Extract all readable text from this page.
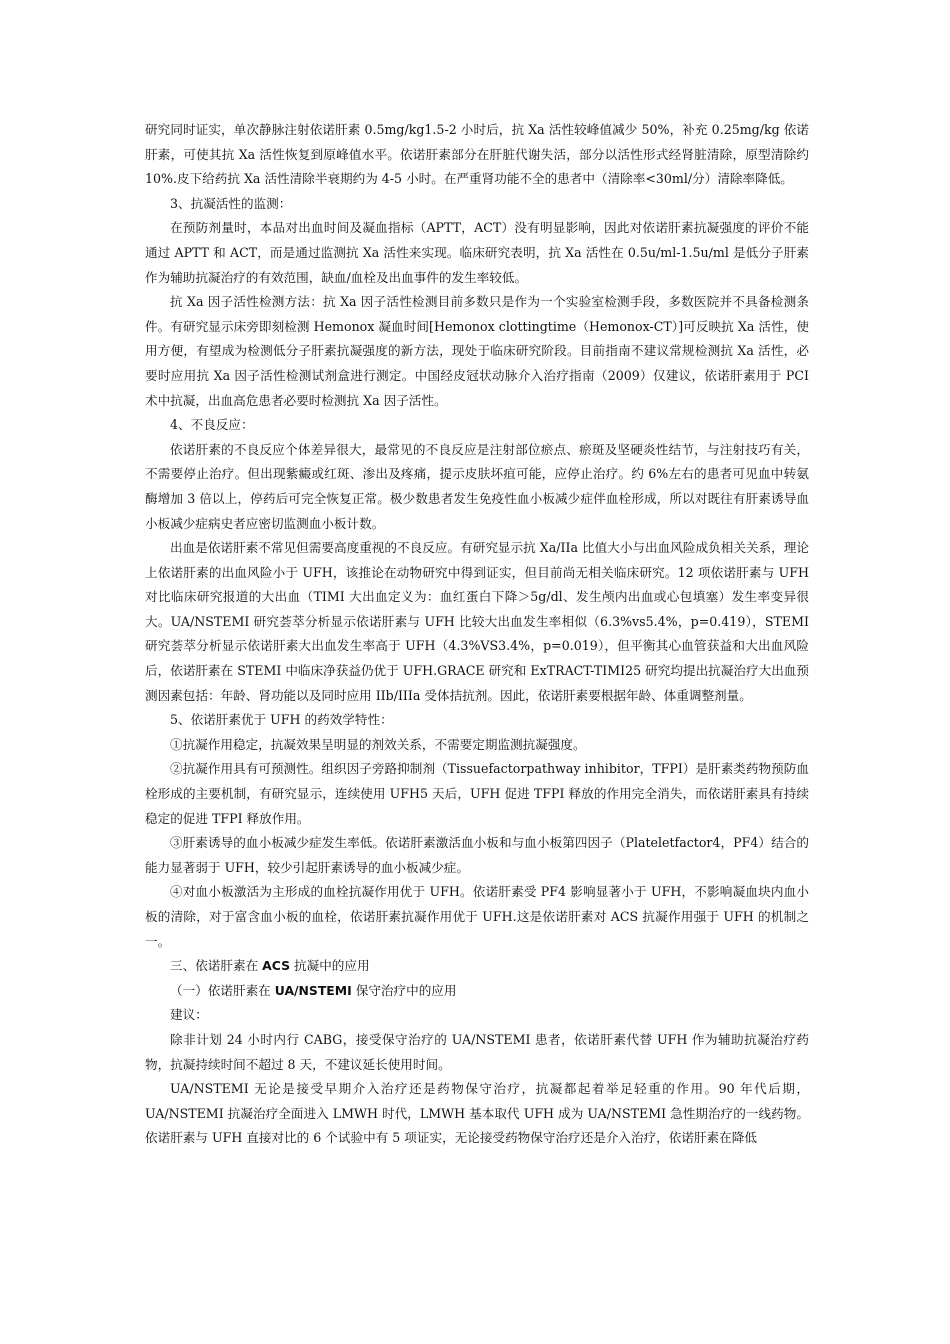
研究同时证实，单次静脉注射依诺肝素 0.5mg/kg1.5-2 小时后，抗 Xa 活性较峰值减少 50%，补充 0.25mg/kg 依诺肝素，可使其抗 Xa 活性恢复到原峰值水平。依诺肝素部分在肝脏代谢失活，部分以活性形式经肾脏清除，原型清除约 10%.皮下给药抗 Xa 活性清除半衰期约为 4-5 小时。在严重肾功能不全的患者中（清除率<30ml/分）清除率降低。

3、抗凝活性的监测：

在预防剂量时，本品对出血时间及凝血指标（APTT，ACT）没有明显影响，因此对依诺肝素抗凝强度的评价不能通过 APTT 和 ACT，而是通过监测抗 Xa 活性来实现。临床研究表明，抗 Xa 活性在 0.5u/ml-1.5u/ml 是低分子肝素作为辅助抗凝治疗的有效范围，缺血/血栓及出血事件的发生率较低。

抗 Xa 因子活性检测方法：抗 Xa 因子活性检测目前多数只是作为一个实验室检测手段，多数医院并不具备检测条件。有研究显示床旁即刻检测 Hemonox 凝血时间[Hemonox clottingtime（Hemonox-CT）]可反映抗 Xa 活性，使用方便，有望成为检测低分子肝素抗凝强度的新方法，现处于临床研究阶段。目前指南不建议常规检测抗 Xa 活性，必要时应用抗 Xa 因子活性检测试剂盒进行测定。中国经皮冠状动脉介入治疗指南（2009）仅建议，依诺肝素用于 PCI 术中抗凝，出血高危患者必要时检测抗 Xa 因子活性。

4、不良反应：

依诺肝素的不良反应个体差异很大，最常见的不良反应是注射部位瘀点、瘀斑及坚硬炎性结节，与注射技巧有关，不需要停止治疗。但出现紫癜或红斑、渗出及疼痛，提示皮肤坏疽可能，应停止治疗。约 6%左右的患者可见血中转氨酶增加 3 倍以上，停药后可完全恢复正常。极少数患者发生免疫性血小板减少症伴血栓形成，所以对既往有肝素诱导血小板减少症病史者应密切监测血小板计数。

出血是依诺肝素不常见但需要高度重视的不良反应。有研究显示抗 Xa/IIa 比值大小与出血风险成负相关关系，理论上依诺肝素的出血风险小于 UFH，该推论在动物研究中得到证实，但目前尚无相关临床研究。12 项依诺肝素与 UFH 对比临床研究报道的大出血（TIMI 大出血定义为：血红蛋白下降＞5g/dl、发生颅内出血或心包填塞）发生率变异很大。UA/NSTEMI 研究荟萃分析显示依诺肝素与 UFH 比较大出血发生率相似（6.3%vs5.4%，p=0.419），STEMI 研究荟萃分析显示依诺肝素大出血发生率高于 UFH（4.3%VS3.4%，p=0.019），但平衡其心血管获益和大出血风险后，依诺肝素在 STEMI 中临床净获益仍优于 UFH.GRACE 研究和 ExTRACT-TIMI25 研究均提出抗凝治疗大出血预测因素包括：年龄、肾功能以及同时应用 IIb/IIIa 受体拮抗剂。因此，依诺肝素要根据年龄、体重调整剂量。

5、依诺肝素优于 UFH 的药效学特性：

①抗凝作用稳定，抗凝效果呈明显的剂效关系，不需要定期监测抗凝强度。

②抗凝作用具有可预测性。组织因子旁路抑制剂（Tissuefactorpathway inhibitor，TFPI）是肝素类药物预防血栓形成的主要机制，有研究显示，连续使用 UFH5 天后，UFH 促进 TFPI 释放的作用完全消失，而依诺肝素具有持续稳定的促进 TFPI 释放作用。

③肝素诱导的血小板减少症发生率低。依诺肝素激活血小板和与血小板第四因子（Plateletfactor4，PF4）结合的能力显著弱于 UFH，较少引起肝素诱导的血小板减少症。

④对血小板激活为主形成的血栓抗凝作用优于 UFH。依诺肝素受 PF4 影响显著小于 UFH，不影响凝血块内血小板的清除，对于富含血小板的血栓，依诺肝素抗凝作用优于 UFH.这是依诺肝素对 ACS 抗凝作用强于 UFH 的机制之一。

三、依诺肝素在 ACS 抗凝中的应用

（一）依诺肝素在 UA/NSTEMI 保守治疗中的应用

建议：

除非计划 24 小时内行 CABG，接受保守治疗的 UA/NSTEMI 患者，依诺肝素代替 UFH 作为辅助抗凝治疗药物，抗凝持续时间不超过 8 天，不建议延长使用时间。

UA/NSTEMI 无论是接受早期介入治疗还是药物保守治疗，抗凝都起着举足轻重的作用。90 年代后期，UA/NSTEMI 抗凝治疗全面进入 LMWH 时代，LMWH 基本取代 UFH 成为 UA/NSTEMI 急性期治疗的一线药物。依诺肝素与 UFH 直接对比的 6 个试验中有 5 项证实，无论接受药物保守治疗还是介入治疗，依诺肝素在降低
